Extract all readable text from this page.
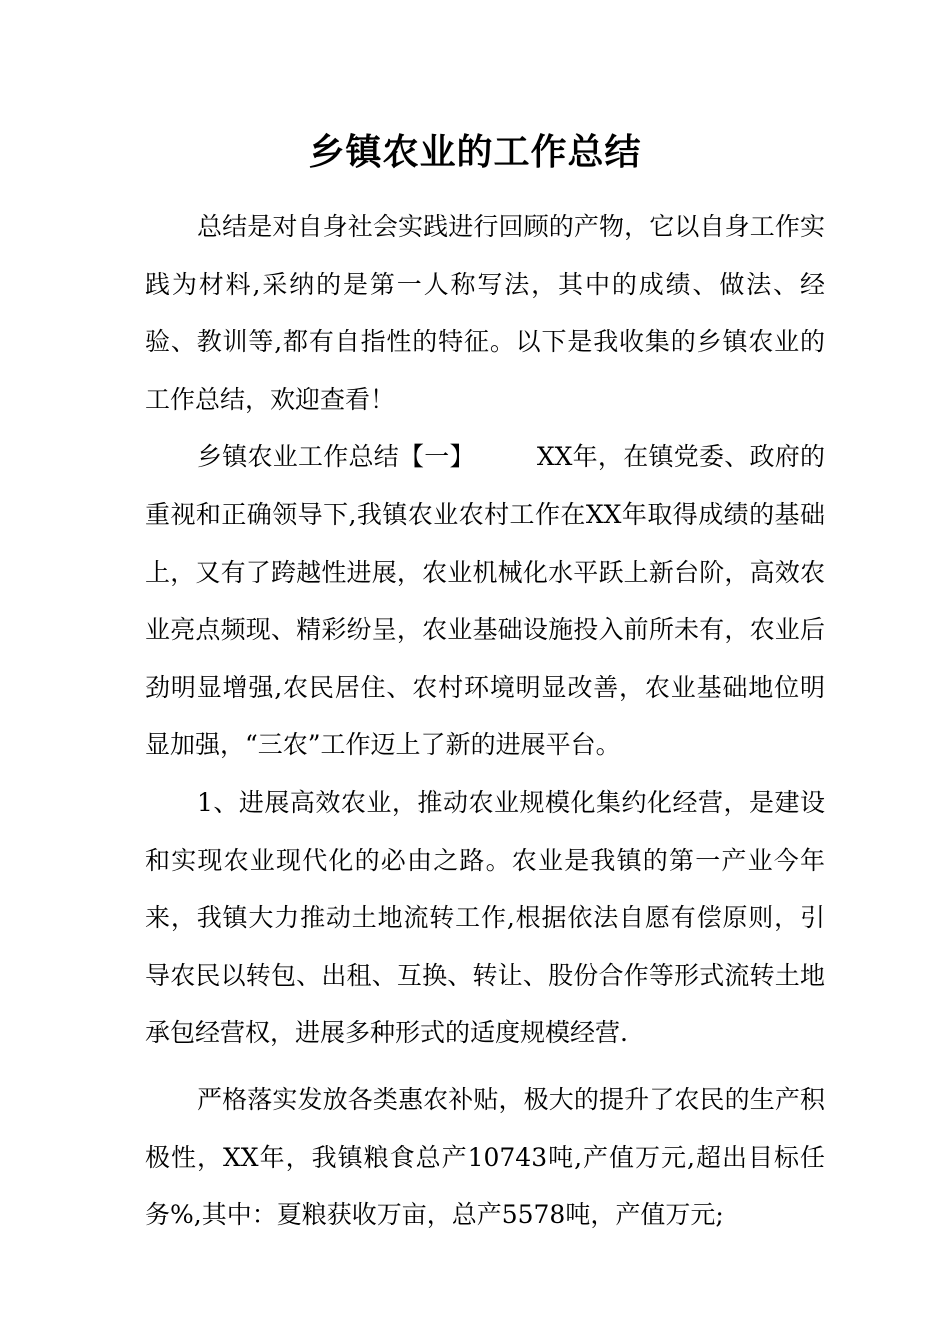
乡镇农业的工作总结

总结是对自身社会实践进行回顾的产物，它以自身工作实践为材料,采纳的是第一人称写法，其中的成绩、做法、经验、教训等,都有自指性的特征。以下是我收集的乡镇农业的工作总结，欢迎查看！

乡镇农业工作总结【一】 XX年，在镇党委、政府的重视和正确领导下,我镇农业农村工作在XX年取得成绩的基础上，又有了跨越性进展，农业机械化水平跃上新台阶，高效农业亮点频现、精彩纷呈，农业基础设施投入前所未有，农业后劲明显增强,农民居住、农村环境明显改善，农业基础地位明显加强，“三农”工作迈上了新的进展平台。

1、进展高效农业，推动农业规模化集约化经营，是建设和实现农业现代化的必由之路。农业是我镇的第一产业今年来，我镇大力推动土地流转工作,根据依法自愿有偿原则，引导农民以转包、出租、互换、转让、股份合作等形式流转土地承包经营权，进展多种形式的适度规模经营.

严格落实发放各类惠农补贴，极大的提升了农民的生产积极性，XX年，我镇粮食总产10743吨,产值万元,超出目标任务%,其中：夏粮获收万亩，总产5578吨，产值万元;
